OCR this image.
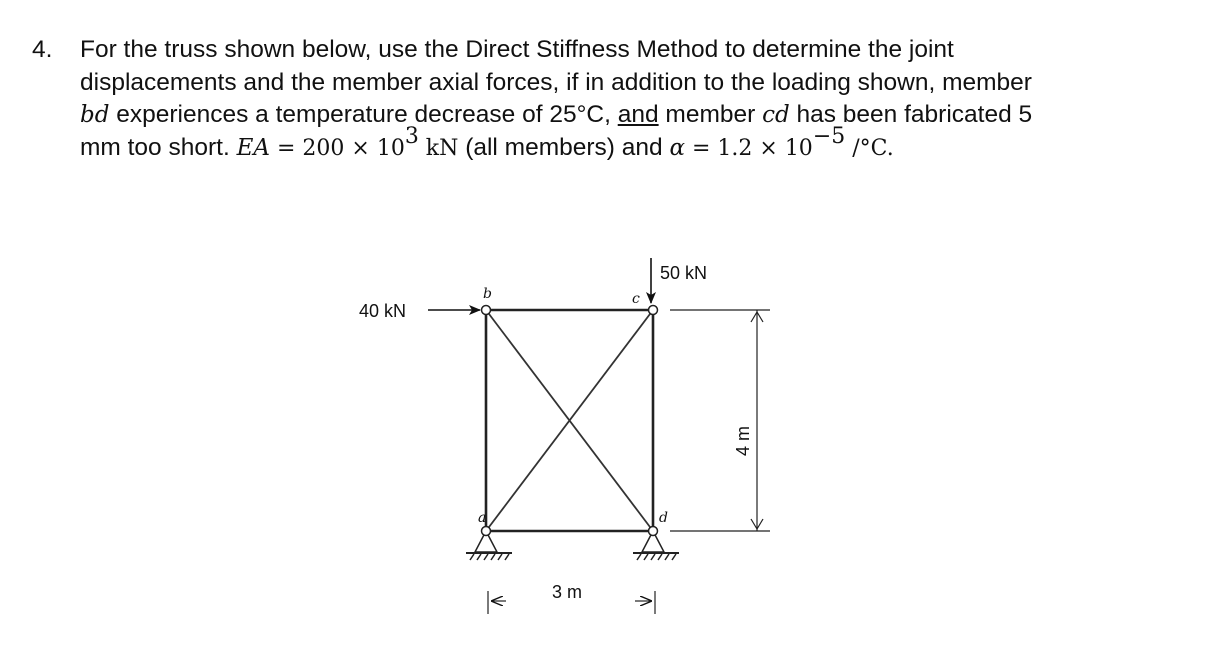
4. For the truss shown below, use the Direct Stiffness Method to determine the joint
displacements and the member axial forces, if in addition to the loading shown, member
bd experiences a temperature decrease of 25°C, and member cd has been fabricated 5
mm too short. EA = $200 \times 10^3$ kN (all members) and $\alpha = 1.2 \times 10^{-5}$ /°C.
a
b	c
d
40 kN
50 kN
3 m
4 m
